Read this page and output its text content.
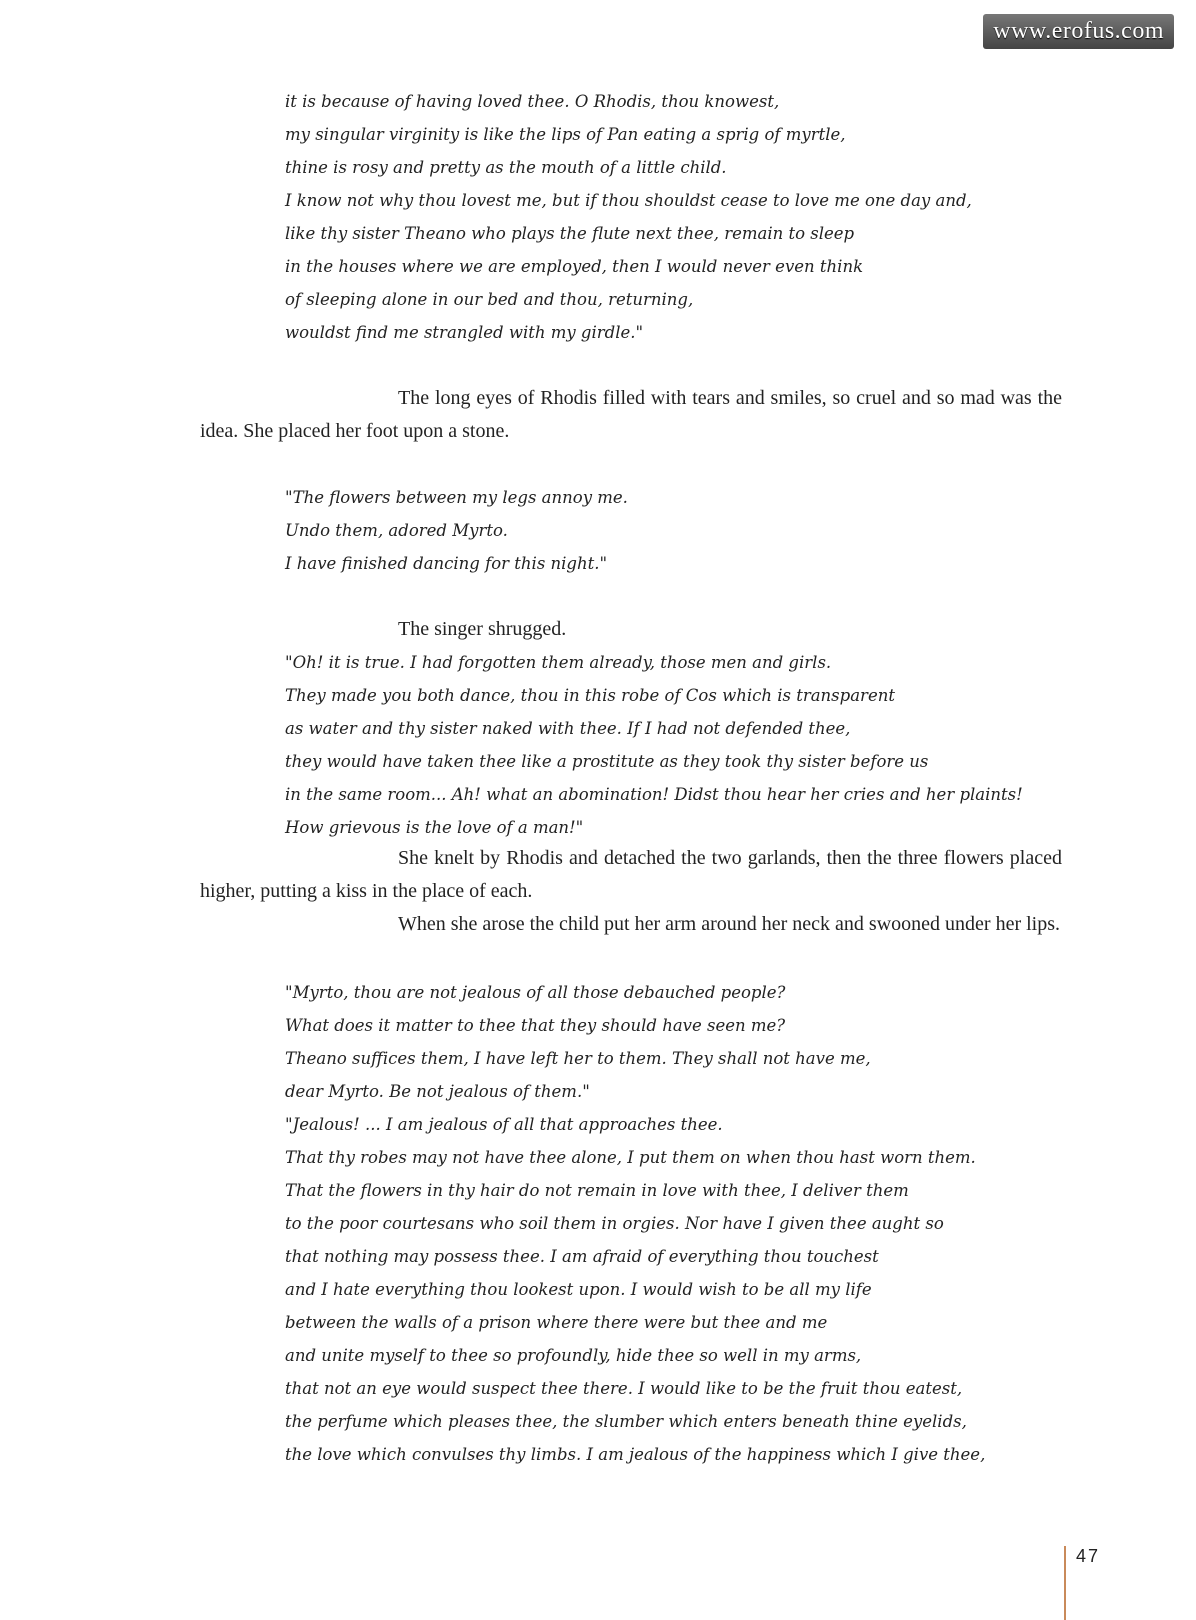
www.erofus.com
it is because of having loved thee. O Rhodis, thou knowest,
my singular virginity is like the lips of Pan eating a sprig of myrtle,
thine is rosy and pretty as the mouth of a little child.
I know not why thou lovest me, but if thou shouldst cease to love me one day and,
like thy sister Theano who plays the flute next thee, remain to sleep
in the houses where we are employed, then I would never even think
of sleeping alone in our bed and thou, returning,
wouldst find me strangled with my girdle."
The long eyes of Rhodis filled with tears and smiles, so cruel and so mad was the idea. She placed her foot upon a stone.
"The flowers between my legs annoy me.
Undo them, adored Myrto.
I have finished dancing for this night."
The singer shrugged.
"Oh! it is true. I had forgotten them already, those men and girls.
They made you both dance, thou in this robe of Cos which is transparent
as water and thy sister naked with thee. If I had not defended thee,
they would have taken thee like a prostitute as they took thy sister before us
in the same room... Ah! what an abomination! Didst thou hear her cries and her plaints!
How grievous is the love of a man!"
She knelt by Rhodis and detached the two garlands, then the three flowers placed higher, putting a kiss in the place of each.
When she arose the child put her arm around her neck and swooned under her lips.
"Myrto, thou are not jealous of all those debauched people?
What does it matter to thee that they should have seen me?
Theano suffices them, I have left her to them. They shall not have me,
dear Myrto. Be not jealous of them."
"Jealous! ... I am jealous of all that approaches thee.
That thy robes may not have thee alone, I put them on when thou hast worn them.
That the flowers in thy hair do not remain in love with thee, I deliver them
to the poor courtesans who soil them in orgies. Nor have I given thee aught so
that nothing may possess thee. I am afraid of everything thou touchest
and I hate everything thou lookest upon. I would wish to be all my life
between the walls of a prison where there were but thee and me
and unite myself to thee so profoundly, hide thee so well in my arms,
that not an eye would suspect thee there. I would like to be the fruit thou eatest,
the perfume which pleases thee, the slumber which enters beneath thine eyelids,
the love which convulses thy limbs. I am jealous of the happiness which I give thee,
47
